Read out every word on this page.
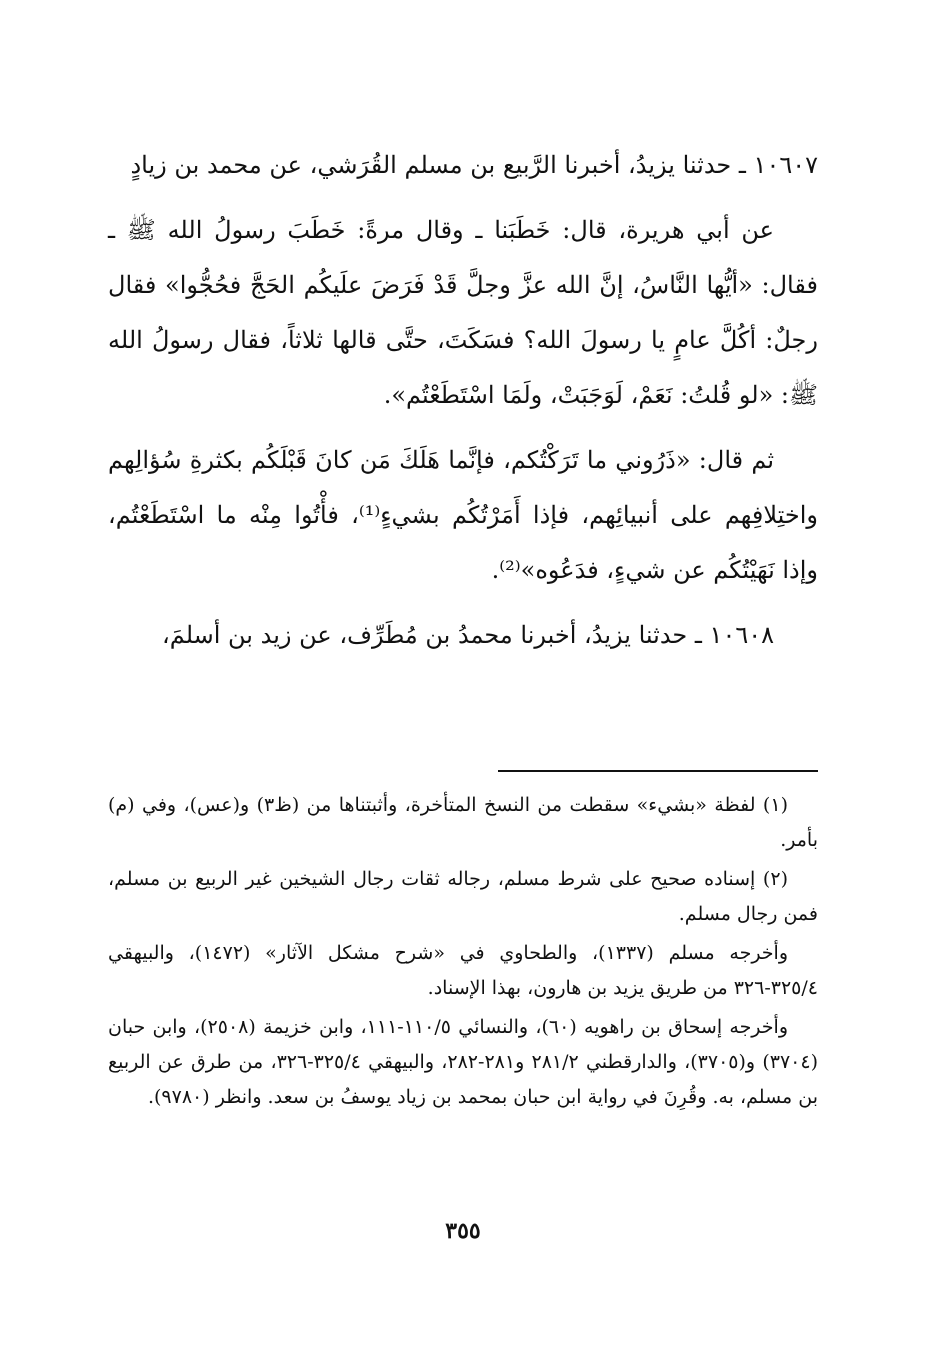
١٠٦٠٧ ـ حدثنا يزيدُ، أخبرنا الرَّبيع بن مسلم القُرَشي، عن محمد بن زيادٍ

عن أبي هريرة، قال: خَطَبَنا ـ وقال مرةً: خَطَبَ رسولُ الله ﷺ ـ فقال: «أيُّها النَّاسُ، إنَّ الله عزَّ وجلَّ قَدْ فَرَضَ علَيكُم الحَجَّ فحُجُّوا» فقال رجلٌ: أكُلَّ عامٍ يا رسولَ الله؟ فسَكَتَ، حتَّى قالها ثلاثاً، فقال رسولُ الله ﷺ: «لو قُلتُ: نَعَمْ، لَوَجَبَتْ، ولَمَا اسْتَطَعْتُم».

ثم قال: «ذَرُوني ما تَرَكْتُكم، فإنَّما هَلَكَ مَن كانَ قَبْلَكُم بكثرةِ سُؤالِهم واختِلافِهم على أنبيائِهم، فإذا أَمَرْتُكُم بشيءٍ⁽¹⁾، فأْتُوا مِنْه ما اسْتَطَعْتُم، وإذا نَهَيْتُكُم عن شيءٍ، فدَعُوه»⁽²⁾.

١٠٦٠٨ ـ حدثنا يزيدُ، أخبرنا محمدُ بن مُطَرِّف، عن زيد بن أسلمَ،

(١) لفظة «بشيء» سقطت من النسخ المتأخرة، وأثبتناها من (ظ٣) و(عس)، وفي (م) بأمر.

(٢) إسناده صحيح على شرط مسلم، رجاله ثقات رجال الشيخين غير الربيع بن مسلم، فمن رجال مسلم.

وأخرجه مسلم (١٣٣٧)، والطحاوي في «شرح مشكل الآثار» (١٤٧٢)، والبيهقي ٣٢٥/٤-٣٢٦ من طريق يزيد بن هارون، بهذا الإسناد.

وأخرجه إسحاق بن راهويه (٦٠)، والنسائي ١١٠/٥-١١١، وابن خزيمة (٢٥٠٨)، وابن حبان (٣٧٠٤) و(٣٧٠٥)، والدارقطني ٢٨١/٢ و٢٨١-٢٨٢، والبيهقي ٣٢٥/٤-٣٢٦، من طرق عن الربيع بن مسلم، به. وقُرِنَ في رواية ابن حبان بمحمد بن زياد يوسفُ بن سعد. وانظر (٩٧٨٠).

٣٥٥
